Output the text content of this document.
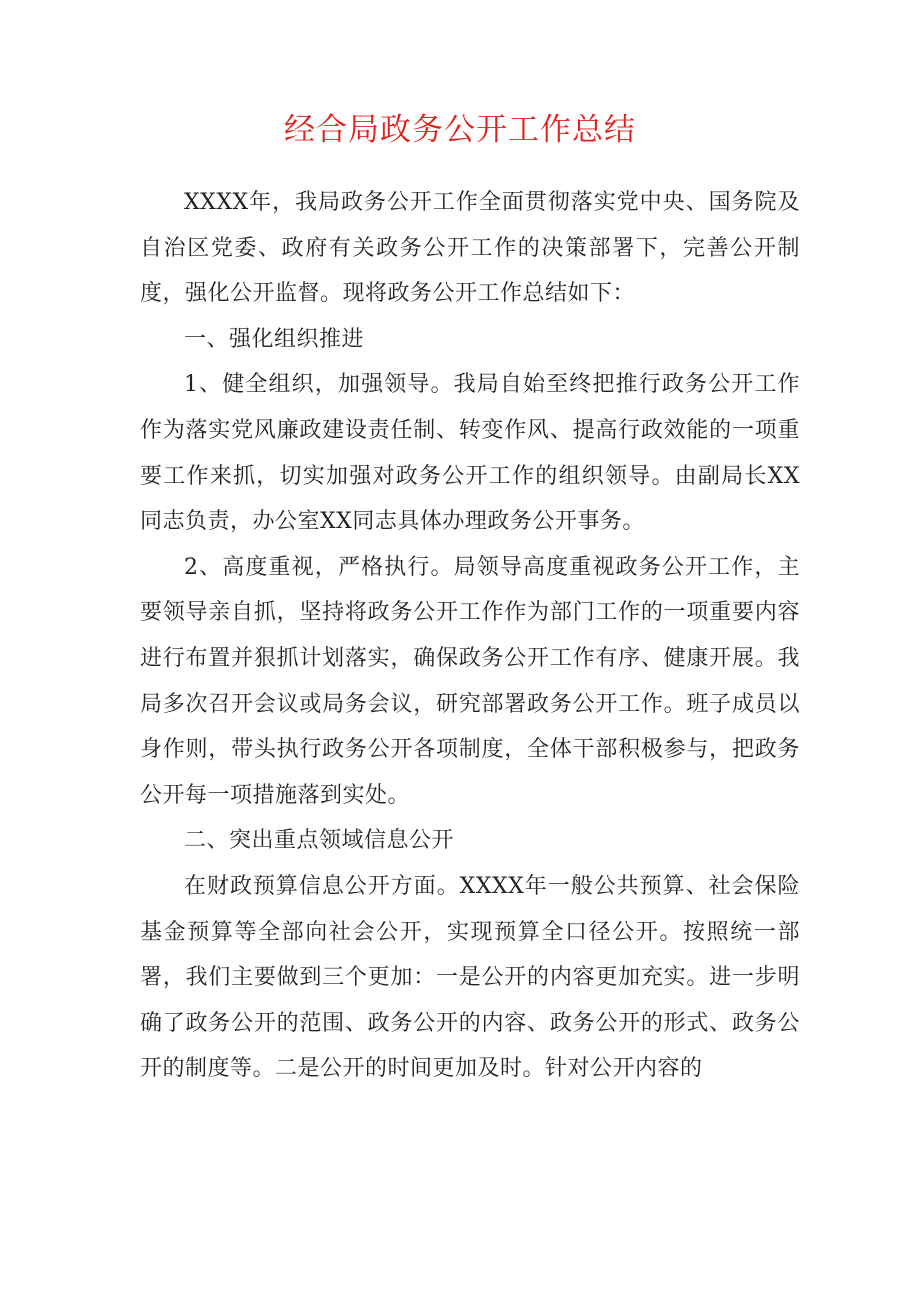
经合局政务公开工作总结

XXXX年，我局政务公开工作全面贯彻落实党中央、国务院及自治区党委、政府有关政务公开工作的决策部署下，完善公开制度，强化公开监督。现将政务公开工作总结如下：

一、强化组织推进

1、健全组织，加强领导。我局自始至终把推行政务公开工作作为落实党风廉政建设责任制、转变作风、提高行政效能的一项重要工作来抓，切实加强对政务公开工作的组织领导。由副局长XX同志负责，办公室XX同志具体办理政务公开事务。

2、高度重视，严格执行。局领导高度重视政务公开工作，主要领导亲自抓，坚持将政务公开工作作为部门工作的一项重要内容进行布置并狠抓计划落实，确保政务公开工作有序、健康开展。我局多次召开会议或局务会议，研究部署政务公开工作。班子成员以身作则，带头执行政务公开各项制度，全体干部积极参与，把政务公开每一项措施落到实处。

二、突出重点领域信息公开

在财政预算信息公开方面。XXXX年一般公共预算、社会保险基金预算等全部向社会公开，实现预算全口径公开。按照统一部署，我们主要做到三个更加：一是公开的内容更加充实。进一步明确了政务公开的范围、政务公开的内容、政务公开的形式、政务公开的制度等。二是公开的时间更加及时。针对公开内容的
